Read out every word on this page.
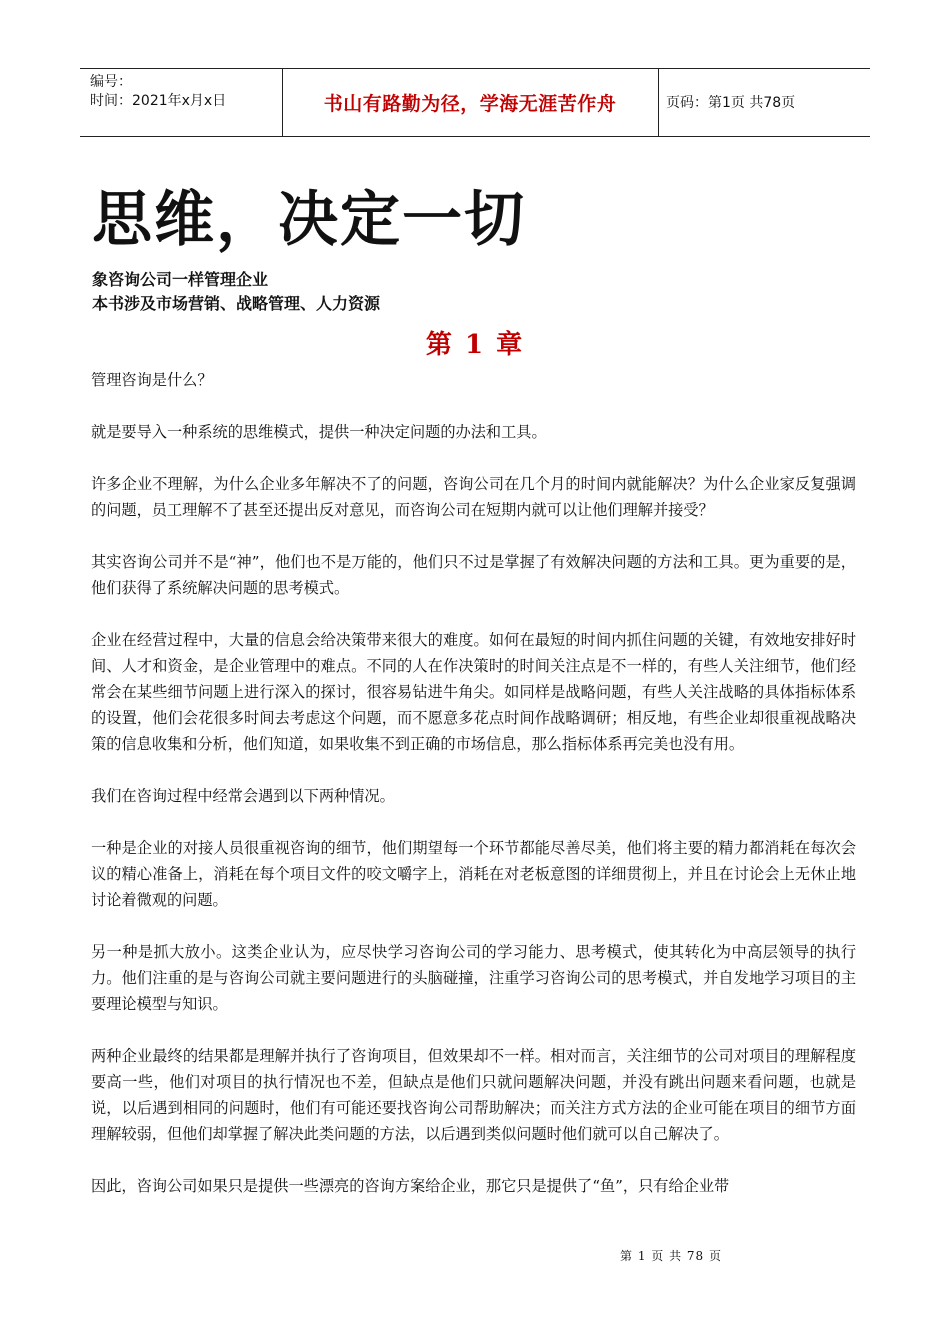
编号：
时间：2021年x月x日	书山有路勤为径，学海无涯苦作舟	页码：第1页 共78页
思维，决定一切
象咨询公司一样管理企业
本书涉及市场营销、战略管理、人力资源
第 1 章

管理咨询是什么？

就是要导入一种系统的思维模式，提供一种决定问题的办法和工具。

许多企业不理解，为什么企业多年解决不了的问题，咨询公司在几个月的时间内就能解决？为什么企业家反复强调的问题，员工理解不了甚至还提出反对意见，而咨询公司在短期内就可以让他们理解并接受？

其实咨询公司并不是“神”，他们也不是万能的，他们只不过是掌握了有效解决问题的方法和工具。更为重要的是，他们获得了系统解决问题的思考模式。

企业在经营过程中，大量的信息会给决策带来很大的难度。如何在最短的时间内抓住问题的关键，有效地安排好时间、人才和资金，是企业管理中的难点。不同的人在作决策时的时间关注点是不一样的，有些人关注细节，他们经常会在某些细节问题上进行深入的探讨，很容易钻进牛角尖。如同样是战略问题，有些人关注战略的具体指标体系的设置，他们会花很多时间去考虑这个问题，而不愿意多花点时间作战略调研；相反地，有些企业却很重视战略决策的信息收集和分析，他们知道，如果收集不到正确的市场信息，那么指标体系再完美也没有用。

我们在咨询过程中经常会遇到以下两种情况。

一种是企业的对接人员很重视咨询的细节，他们期望每一个环节都能尽善尽美，他们将主要的精力都消耗在每次会议的精心准备上，消耗在每个项目文件的咬文嚼字上，消耗在对老板意图的详细贯彻上，并且在讨论会上无休止地讨论着微观的问题。

另一种是抓大放小。这类企业认为，应尽快学习咨询公司的学习能力、思考模式，使其转化为中高层领导的执行力。他们注重的是与咨询公司就主要问题进行的头脑碰撞，注重学习咨询公司的思考模式，并自发地学习项目的主要理论模型与知识。

两种企业最终的结果都是理解并执行了咨询项目，但效果却不一样。相对而言，关注细节的公司对项目的理解程度要高一些，他们对项目的执行情况也不差，但缺点是他们只就问题解决问题，并没有跳出问题来看问题，也就是说，以后遇到相同的问题时，他们有可能还要找咨询公司帮助解决；而关注方式方法的企业可能在项目的细节方面理解较弱，但他们却掌握了解决此类问题的方法，以后遇到类似问题时他们就可以自己解决了。

因此，咨询公司如果只是提供一些漂亮的咨询方案给企业，那它只是提供了“鱼”，只有给企业带

第 1 页 共 78 页
